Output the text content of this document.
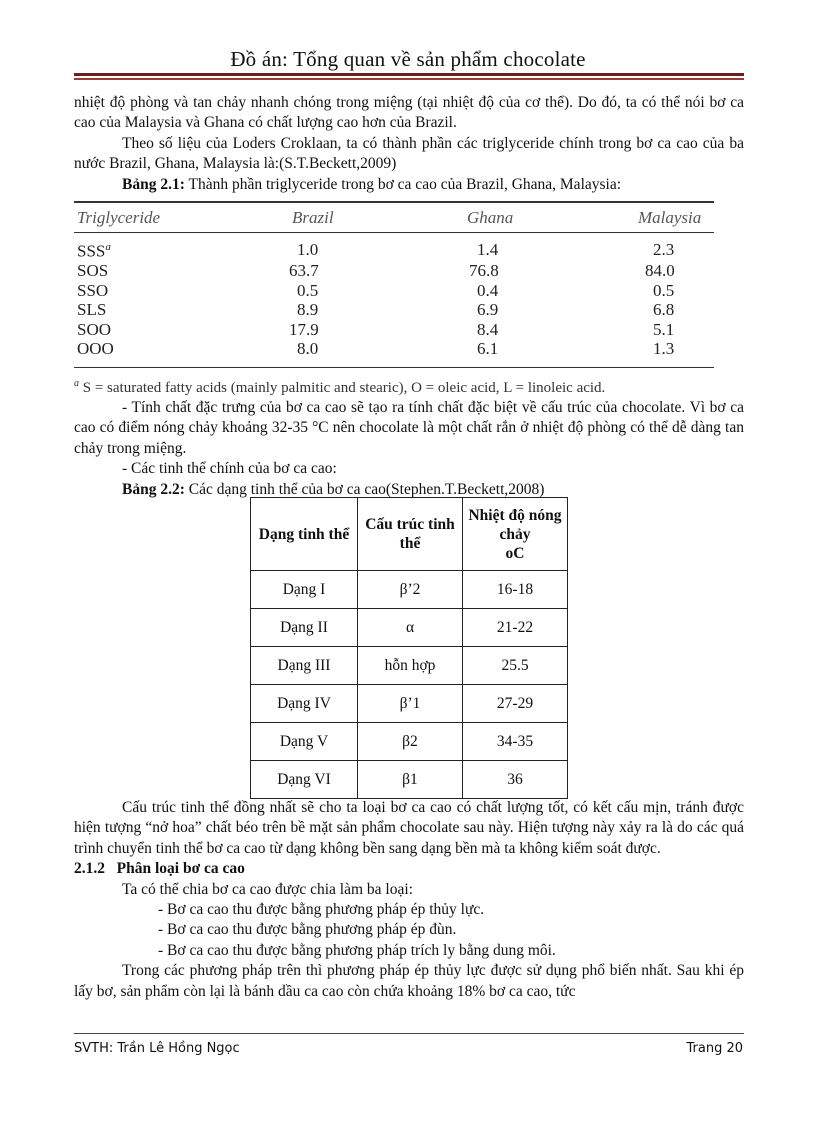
Đồ án: Tổng quan về sản phẩm chocolate

nhiệt độ phòng và tan chảy nhanh chóng trong miệng (tại nhiệt độ của cơ thể). Do đó, ta có thể nói bơ ca cao của Malaysia và Ghana có chất lượng cao hơn của Brazil.

Theo số liệu của Loders Croklaan, ta có thành phần các triglyceride chính trong bơ ca cao của ba nước Brazil, Ghana, Malaysia là:(S.T.Beckett,2009)

Bảng 2.1: Thành phần triglyceride trong bơ ca cao của Brazil, Ghana, Malaysia:

Triglyceride	Brazil	Ghana	Malaysia
SSS$^a$	1.0	1.4	2.3
SOS	63.7	76.8	84.0
SSO	0.5	0.4	0.5
SLS	8.9	6.9	6.8
SOO	17.9	8.4	5.1
OOO	8.0	6.1	1.3
$^a$ S = saturated fatty acids (mainly palmitic and stearic), O = oleic acid, L = linoleic acid.

- Tính chất đặc trưng của bơ ca cao sẽ tạo ra tính chất đặc biệt về cấu trúc của chocolate. Vì bơ ca cao có điểm nóng chảy khoảng 32-35 °C nên chocolate là một chất rắn ở nhiệt độ phòng có thể dễ dàng tan chảy trong miệng.

- Các tinh thể chính của bơ ca cao:

Bảng 2.2: Các dạng tinh thể của bơ ca cao(Stephen.T.Beckett,2008)

Dạng tinh thể	Cấu trúc tinh thể	Nhiệt độ nóng chảy
oC
Dạng I	β’2	16-18
Dạng II	α	21-22
Dạng III	hỗn hợp	25.5
Dạng IV	β’1	27-29
Dạng V	β2	34-35
Dạng VI	β1	36

Cấu trúc tinh thể đồng nhất sẽ cho ta loại bơ ca cao có chất lượng tốt, có kết cấu mịn, tránh được hiện tượng “nở hoa” chất béo trên bề mặt sản phẩm chocolate sau này. Hiện tượng này xảy ra là do các quá trình chuyển tinh thể bơ ca cao từ dạng không bền sang dạng bền mà ta không kiểm soát được.

2.1.2 Phân loại bơ ca cao

Ta có thể chia bơ ca cao được chia làm ba loại:

- Bơ ca cao thu được bằng phương pháp ép thủy lực.

- Bơ ca cao thu được bằng phương pháp ép đùn.

- Bơ ca cao thu được bằng phương pháp trích ly bằng dung môi.

Trong các phương pháp trên thì phương pháp ép thủy lực được sử dụng phổ biến nhất. Sau khi ép lấy bơ, sản phẩm còn lại là bánh dầu ca cao còn chứa khoảng 18% bơ ca cao, tức

SVTH: Trần Lê Hồng Ngọc	Trang 20
